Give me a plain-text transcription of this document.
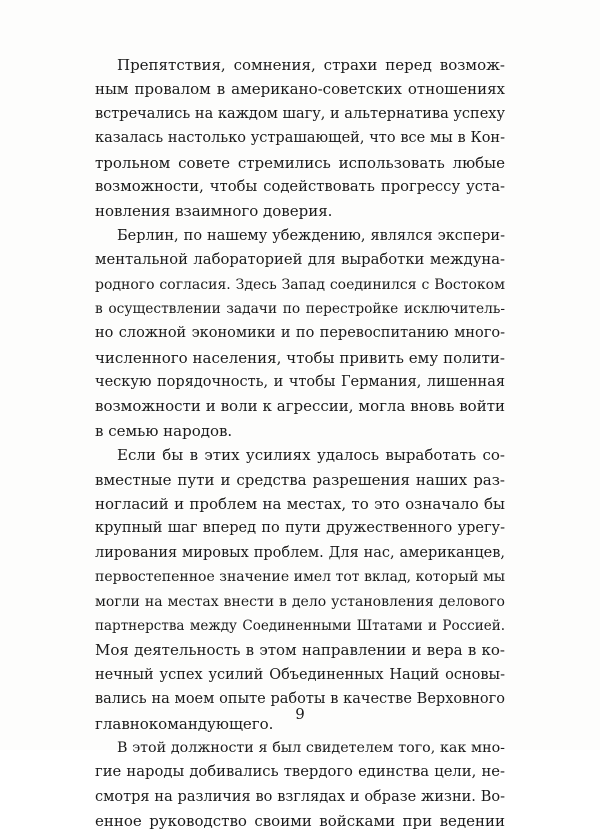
Препятствия, сомнения, страхи перед возмож-
ным провалом в американо-советских отношениях
встречались на каждом шагу, и альтернатива успеху
казалась настолько устрашающей, что все мы в Кон-
трольном совете стремились использовать любые
возможности, чтобы содействовать прогрессу уста-
новления взаимного доверия.

Берлин, по нашему убеждению, являлся экспери-
ментальной лабораторией для выработки междуна-
родного согласия. Здесь Запад соединился с Востоком
в осуществлении задачи по перестройке исключитель-
но сложной экономики и по перевоспитанию много-
численного населения, чтобы привить ему полити-
ческую порядочность, и чтобы Германия, лишенная
возможности и воли к агрессии, могла вновь войти
в семью народов.

Если бы в этих усилиях удалось выработать со-
вместные пути и средства разрешения наших раз-
ногласий и проблем на местах, то это означало бы
крупный шаг вперед по пути дружественного урегу-
лирования мировых проблем. Для нас, американцев,
первостепенное значение имел тот вклад, который мы
могли на местах внести в дело установления делового
партнерства между Соединенными Штатами и Россией.
Моя деятельность в этом направлении и вера в ко-
нечный успех усилий Объединенных Наций основы-
вались на моем опыте работы в качестве Верховного
главнокомандующего.

В этой должности я был свидетелем того, как мно-
гие народы добивались твердого единства цели, не-
смотря на различия во взглядах и образе жизни. Во-
енное руководство своими войсками при ведении

9
